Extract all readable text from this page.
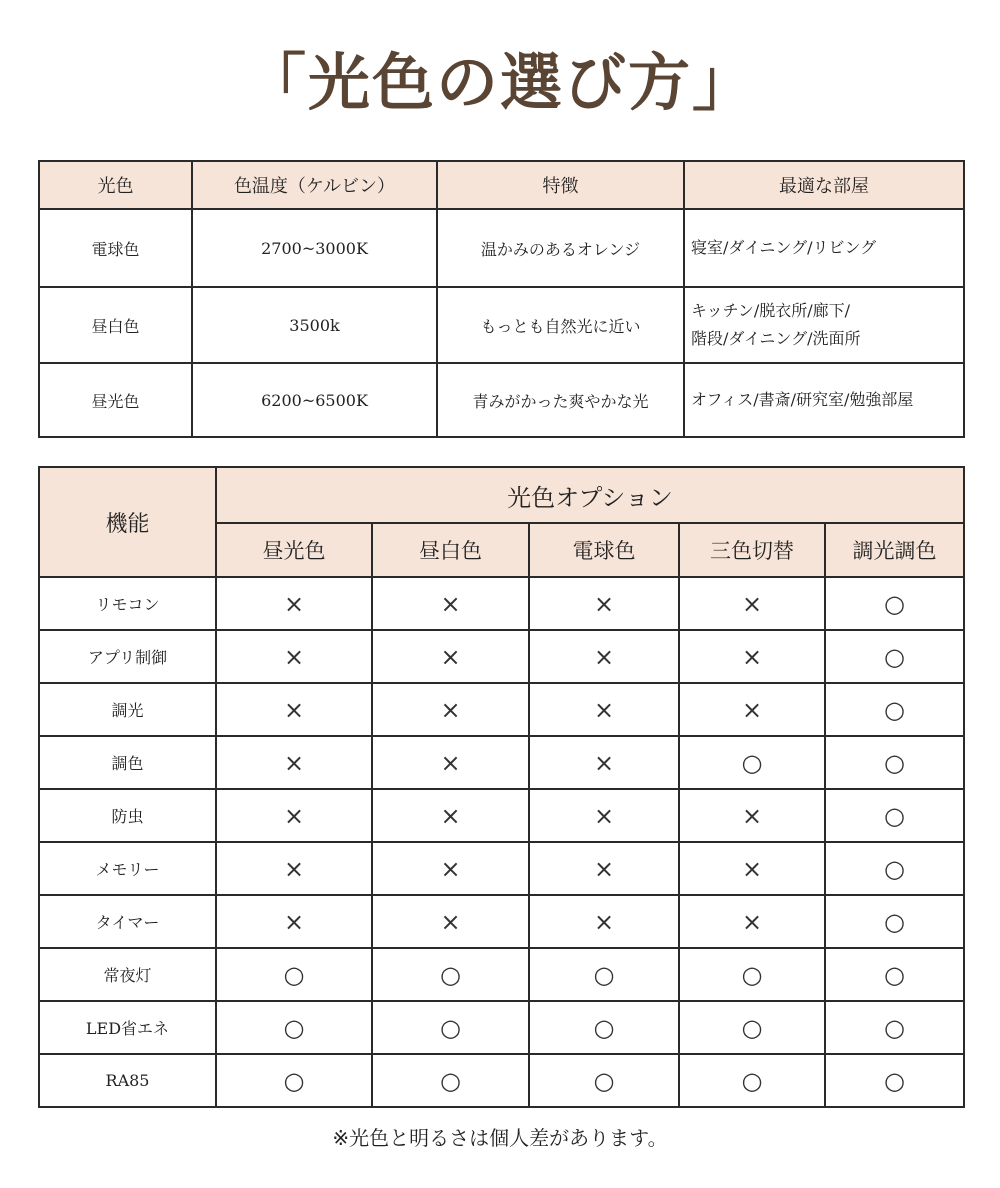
「光色の選び方」
光色	色温度（ケルビン）	特徴	最適な部屋
電球色	2700~3000K	温かみのあるオレンジ	寝室/ダイニング/リビング

昼白色	3500k	もっとも自然光に近い	キッチン/脱衣所/廊下/
階段/ダイニング/洗面所

昼光色	6200~6500K	青みがかった爽やかな光	オフィス/書斎/研究室/勉強部屋
機能	光色オプション				
	昼光色	昼白色	電球色	三色切替	調光調色
リモコン	×	×	×	×	○
アプリ制御	×	×	×	×	○
調光	×	×	×	×	○
調色	×	×	×	○	○
防虫	×	×	×	×	○
メモリー	×	×	×	×	○
タイマー	×	×	×	×	○
常夜灯	○	○	○	○	○
LED省エネ	○	○	○	○	○
RA85	○	○	○	○	○
※光色と明るさは個人差があります。
